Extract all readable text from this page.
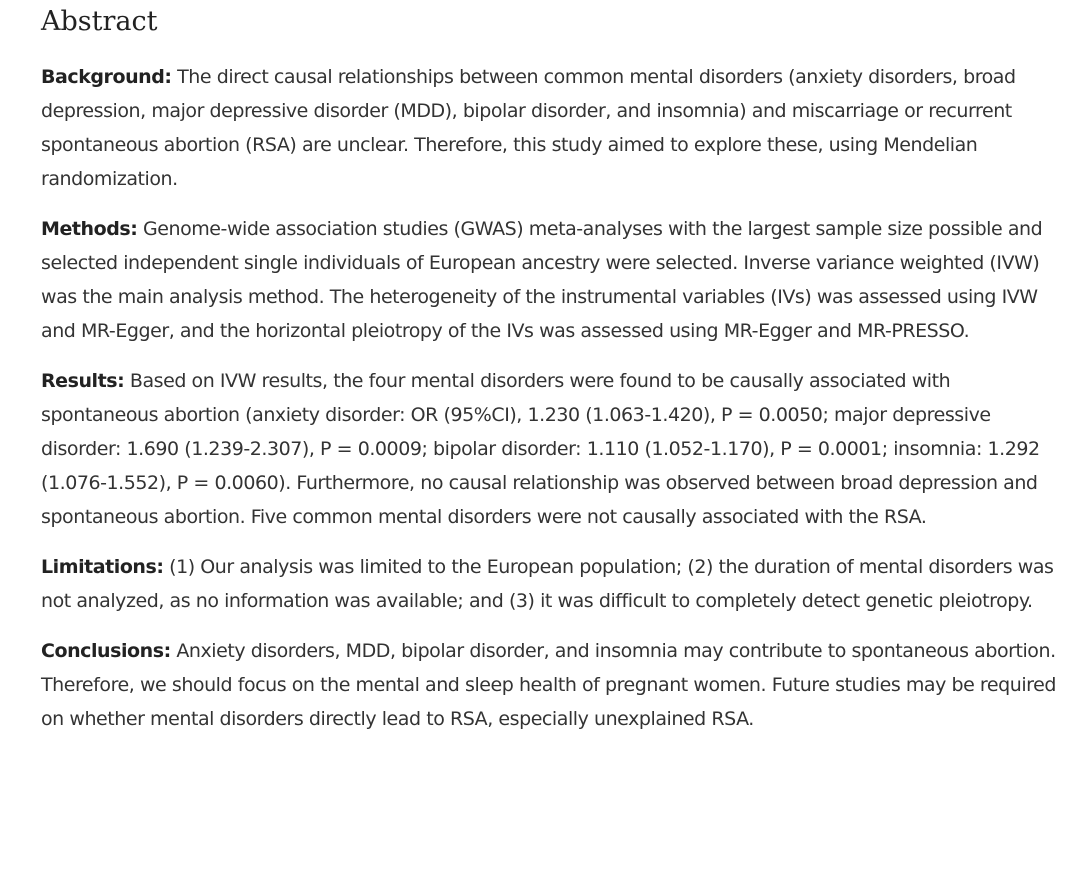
Abstract

Background: The direct causal relationships between common mental disorders (anxiety disorders, broad depression, major depressive disorder (MDD), bipolar disorder, and insomnia) and miscarriage or recurrent spontaneous abortion (RSA) are unclear. Therefore, this study aimed to explore these, using Mendelian randomization.

Methods: Genome-wide association studies (GWAS) meta-analyses with the largest sample size possible and selected independent single individuals of European ancestry were selected. Inverse variance weighted (IVW) was the main analysis method. The heterogeneity of the instrumental variables (IVs) was assessed using IVW and MR-Egger, and the horizontal pleiotropy of the IVs was assessed using MR-Egger and MR-PRESSO.

Results: Based on IVW results, the four mental disorders were found to be causally associated with spontaneous abortion (anxiety disorder: OR (95%CI), 1.230 (1.063-1.420), P = 0.0050; major depressive disorder: 1.690 (1.239-2.307), P = 0.0009; bipolar disorder: 1.110 (1.052-1.170), P = 0.0001; insomnia: 1.292 (1.076-1.552), P = 0.0060). Furthermore, no causal relationship was observed between broad depression and spontaneous abortion. Five common mental disorders were not causally associated with the RSA.

Limitations: (1) Our analysis was limited to the European population; (2) the duration of mental disorders was not analyzed, as no information was available; and (3) it was difficult to completely detect genetic pleiotropy.

Conclusions: Anxiety disorders, MDD, bipolar disorder, and insomnia may contribute to spontaneous abortion. Therefore, we should focus on the mental and sleep health of pregnant women. Future studies may be required on whether mental disorders directly lead to RSA, especially unexplained RSA.
